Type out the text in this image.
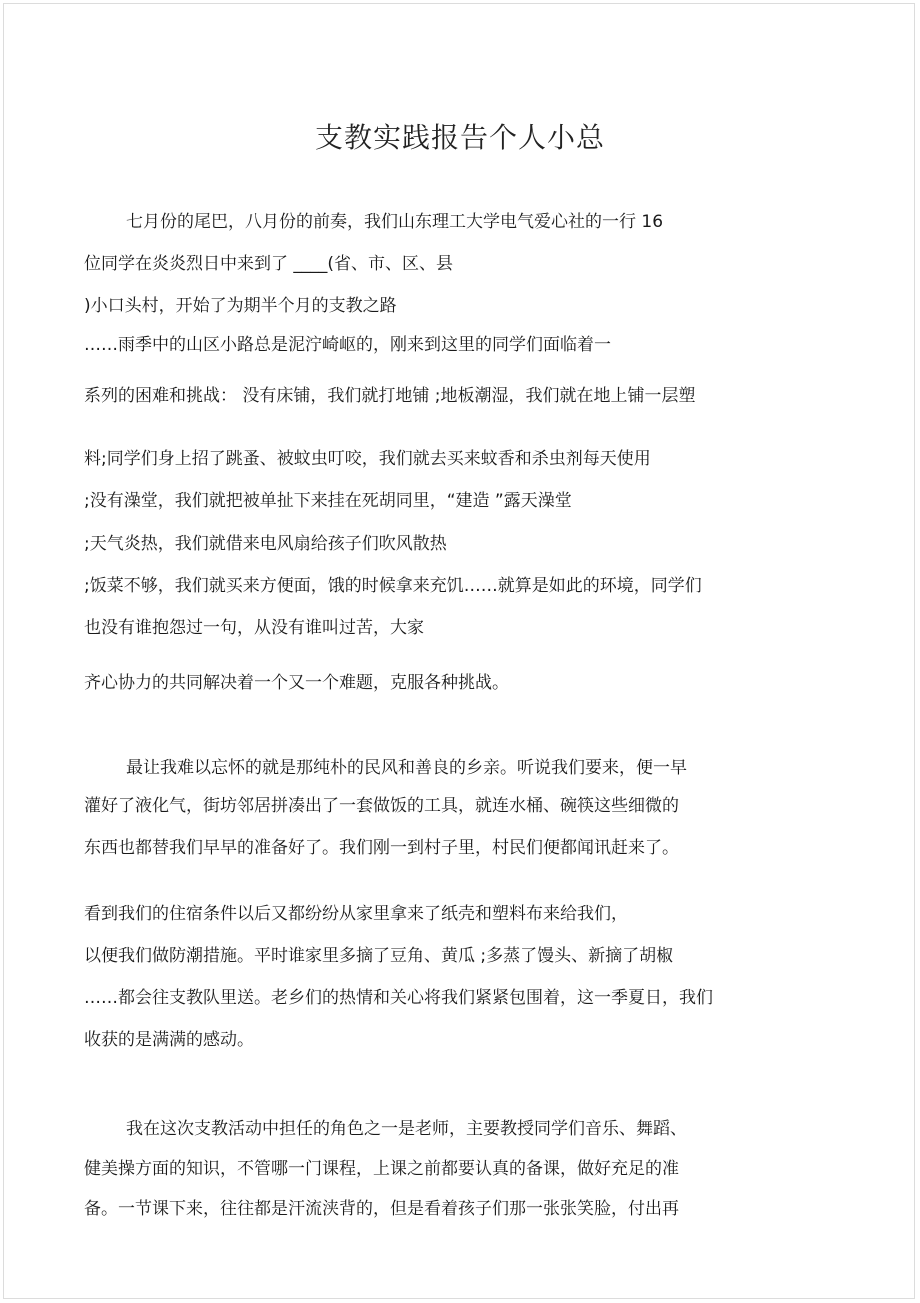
支教实践报告个人小总
七月份的尾巴，八月份的前奏，我们山东理工大学电气爱心社的一行 16
位同学在炎炎烈日中来到了 ____(省、市、区、县
)小口头村，开始了为期半个月的支教之路
……雨季中的山区小路总是泥泞崎岖的，刚来到这里的同学们面临着一
系列的困难和挑战： 没有床铺，我们就打地铺 ;地板潮湿，我们就在地上铺一层塑
料;同学们身上招了跳蚤、被蚊虫叮咬，我们就去买来蚊香和杀虫剂每天使用
;没有澡堂，我们就把被单扯下来挂在死胡同里，“建造 ”露天澡堂
;天气炎热，我们就借来电风扇给孩子们吹风散热
;饭菜不够，我们就买来方便面，饿的时候拿来充饥……就算是如此的环境，同学们
也没有谁抱怨过一句，从没有谁叫过苦，大家
齐心协力的共同解决着一个又一个难题，克服各种挑战。
最让我难以忘怀的就是那纯朴的民风和善良的乡亲。听说我们要来，便一早
灌好了液化气，街坊邻居拼凑出了一套做饭的工具，就连水桶、碗筷这些细微的
东西也都替我们早早的准备好了。我们刚一到村子里，村民们便都闻讯赶来了。
看到我们的住宿条件以后又都纷纷从家里拿来了纸壳和塑料布来给我们，
以便我们做防潮措施。平时谁家里多摘了豆角、黄瓜 ;多蒸了馒头、新摘了胡椒
……都会往支教队里送。老乡们的热情和关心将我们紧紧包围着，这一季夏日，我们
收获的是满满的感动。
我在这次支教活动中担任的角色之一是老师，主要教授同学们音乐、舞蹈、
健美操方面的知识，不管哪一门课程，上课之前都要认真的备课，做好充足的准
备。一节课下来，往往都是汗流浃背的，但是看着孩子们那一张张笑脸，付出再
